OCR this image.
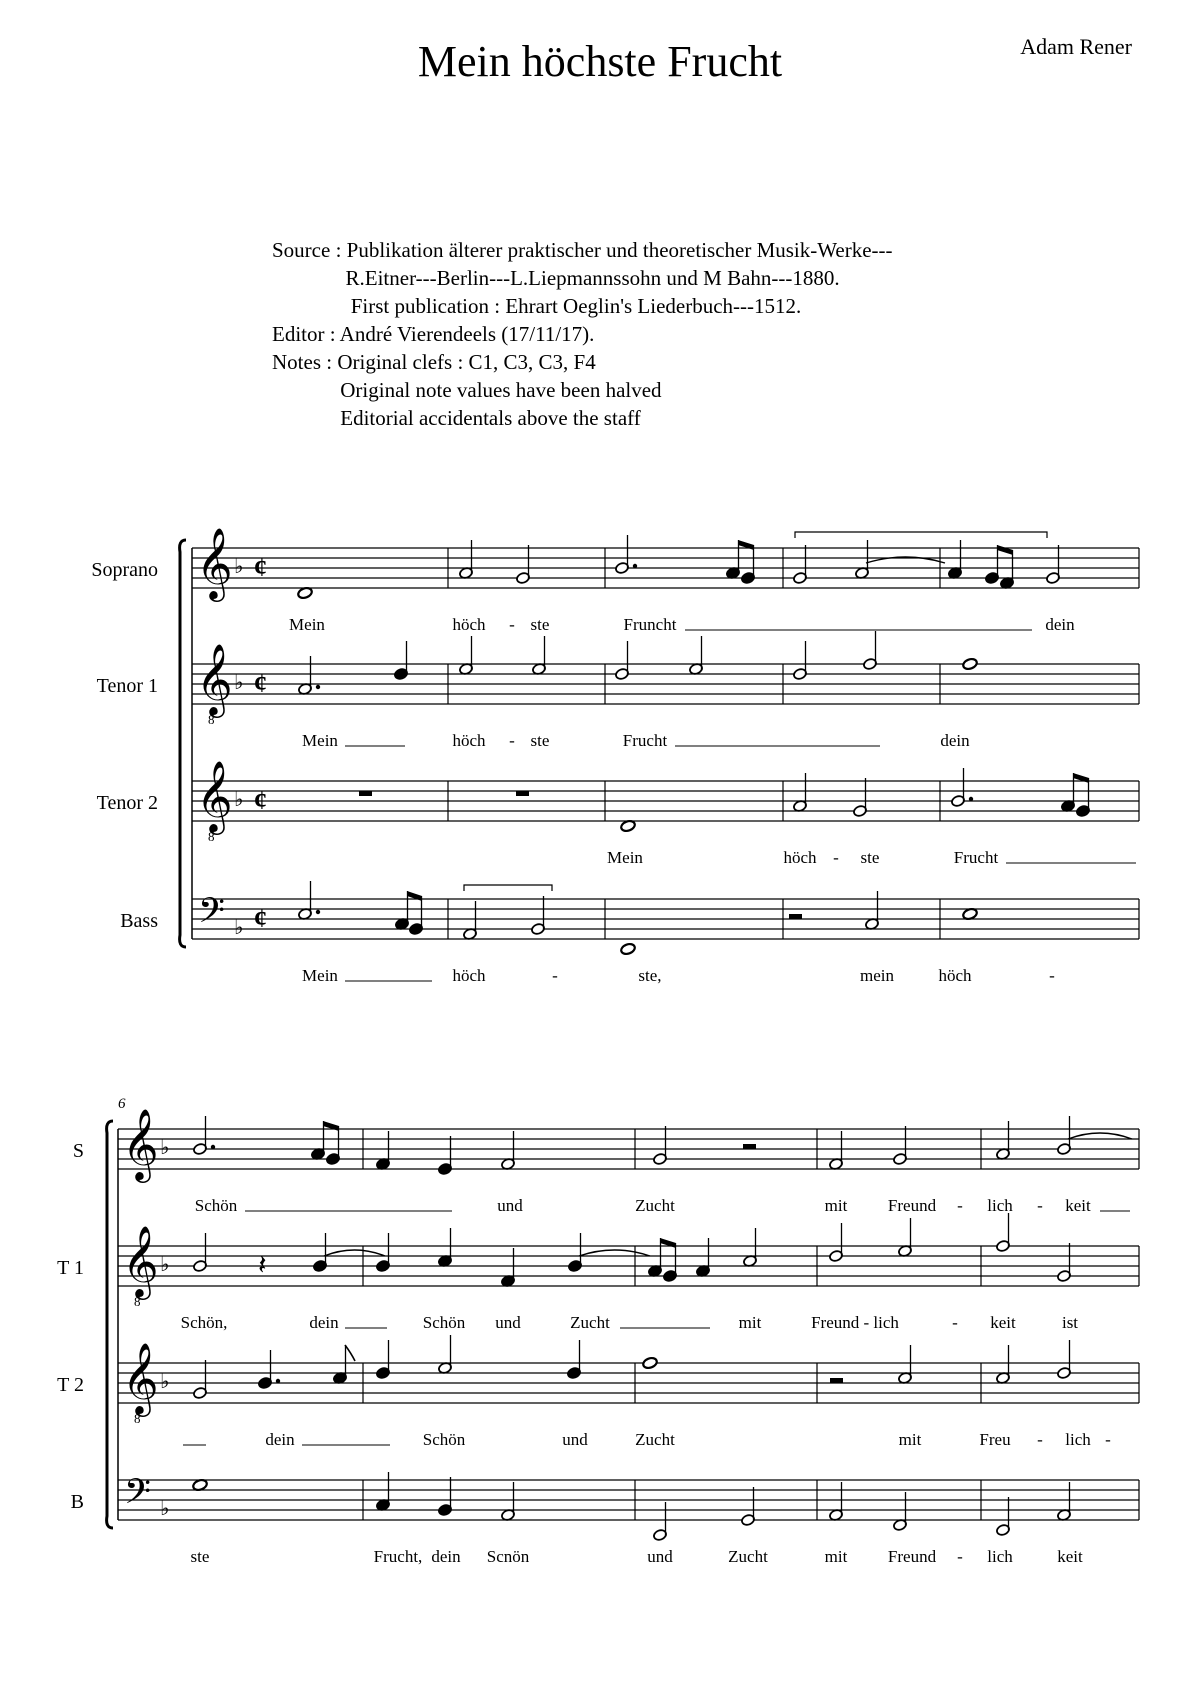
Mein höchste Frucht	Adam Rener
Source : Publikation älterer praktischer und theoretischer Musik-Werke---
R.Eitner---Berlin---L.Liepmannssohn und M Bahn---1880.
First publication : Ehrart Oeglin's Liederbuch---1512.
Editor : André Vierendeels (17/11/17).
Notes : Original clefs : C1, C3, C3, F4
Original note values have been halved
Editorial accidentals above the staff
𝄞 ♭ ¢
Soprano
𝄞
8
♭ ¢
Tenor 1
𝄞
8
♭ ¢
Tenor 2
𝄢 ♭ ¢
Bass
Mein	höch - ste	Fruncht	dein
Mein	höch - ste	Frucht	dein
Mein	höch - ste	Frucht
Mein	höch	-	ste,	mein	höch	-
6
𝄞 ♭
S
𝄞
8
♭
T 1
𝄞
8
♭
T 2
𝄢 ♭
B
Schön	und	Zucht	mit Freund - lich - keit
𝄽
Schön,	dein	Schön und	Zucht	mit	Freund - lich	- keit	ist
dein	Schön	und	Zucht	mit	Freu - lich -
ste	Frucht, dein Scnön	und	Zucht	mit Freund - lich	keit
